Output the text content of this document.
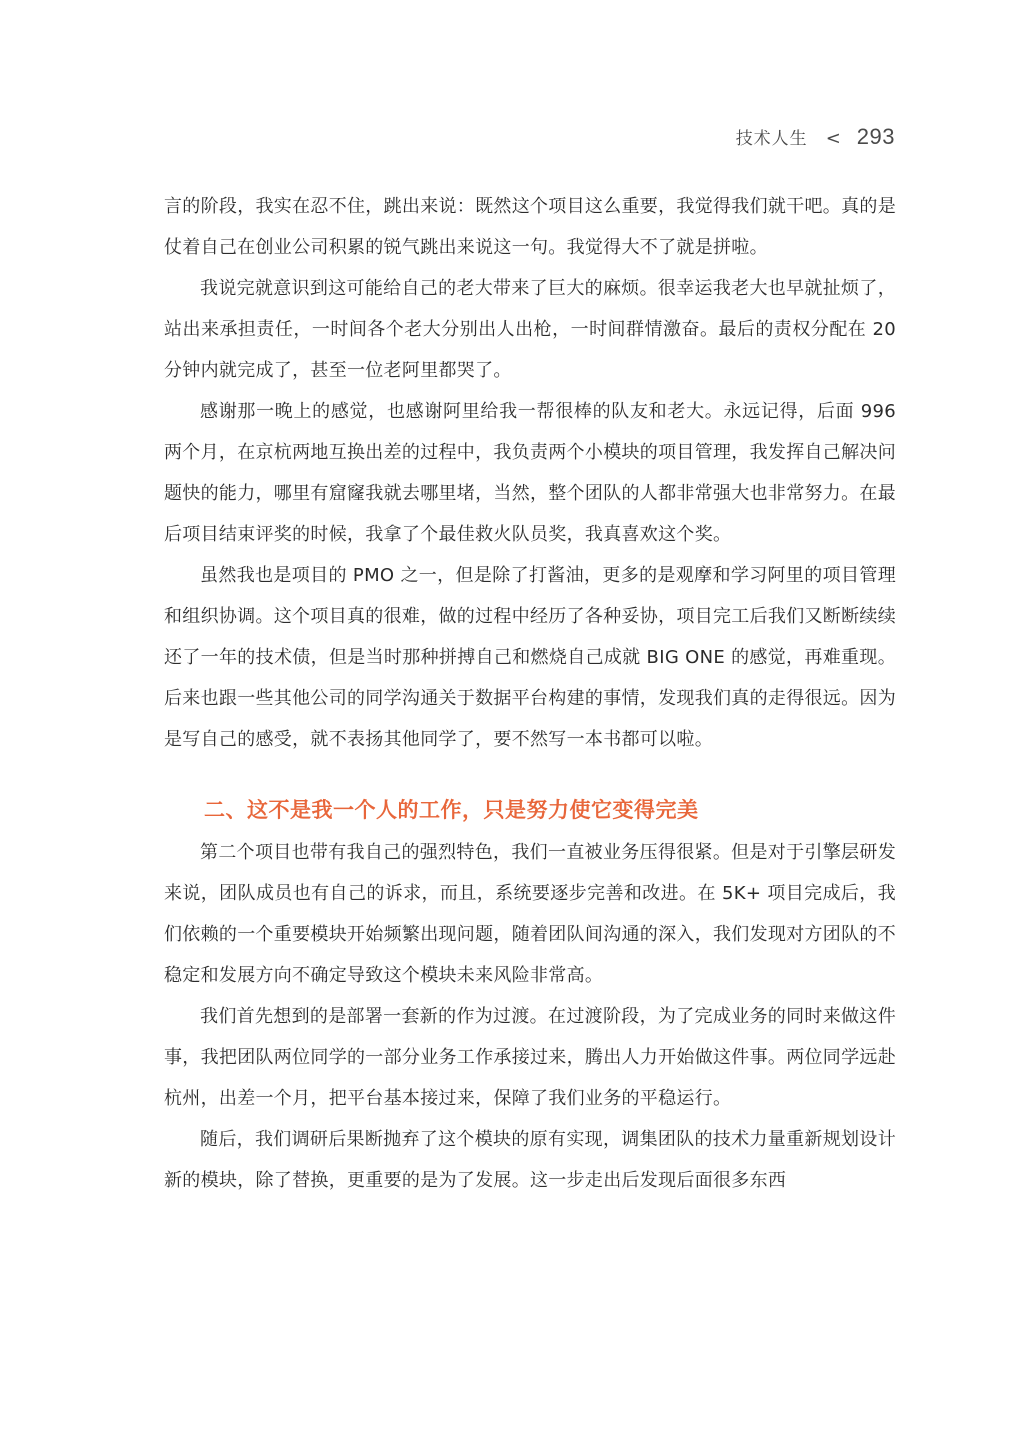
技术人生 < 293

言的阶段，我实在忍不住，跳出来说：既然这个项目这么重要，我觉得我们就干吧。真的是仗着自己在创业公司积累的锐气跳出来说这一句。我觉得大不了就是拼啦。

我说完就意识到这可能给自己的老大带来了巨大的麻烦。很幸运我老大也早就扯烦了，站出来承担责任，一时间各个老大分别出人出枪，一时间群情激奋。最后的责权分配在 20 分钟内就完成了，甚至一位老阿里都哭了。

感谢那一晚上的感觉，也感谢阿里给我一帮很棒的队友和老大。永远记得，后面 996 两个月，在京杭两地互换出差的过程中，我负责两个小模块的项目管理，我发挥自己解决问题快的能力，哪里有窟窿我就去哪里堵，当然，整个团队的人都非常强大也非常努力。在最后项目结束评奖的时候，我拿了个最佳救火队员奖，我真喜欢这个奖。

虽然我也是项目的 PMO 之一，但是除了打酱油，更多的是观摩和学习阿里的项目管理和组织协调。这个项目真的很难，做的过程中经历了各种妥协，项目完工后我们又断断续续还了一年的技术债，但是当时那种拼搏自己和燃烧自己成就 BIG ONE 的感觉，再难重现。后来也跟一些其他公司的同学沟通关于数据平台构建的事情，发现我们真的走得很远。因为是写自己的感受，就不表扬其他同学了，要不然写一本书都可以啦。

二、这不是我一个人的工作，只是努力使它变得完美

第二个项目也带有我自己的强烈特色，我们一直被业务压得很紧。但是对于引擎层研发来说，团队成员也有自己的诉求，而且，系统要逐步完善和改进。在 5K+ 项目完成后，我们依赖的一个重要模块开始频繁出现问题，随着团队间沟通的深入，我们发现对方团队的不稳定和发展方向不确定导致这个模块未来风险非常高。

我们首先想到的是部署一套新的作为过渡。在过渡阶段，为了完成业务的同时来做这件事，我把团队两位同学的一部分业务工作承接过来，腾出人力开始做这件事。两位同学远赴杭州，出差一个月，把平台基本接过来，保障了我们业务的平稳运行。

随后，我们调研后果断抛弃了这个模块的原有实现，调集团队的技术力量重新规划设计新的模块，除了替换，更重要的是为了发展。这一步走出后发现后面很多东西
